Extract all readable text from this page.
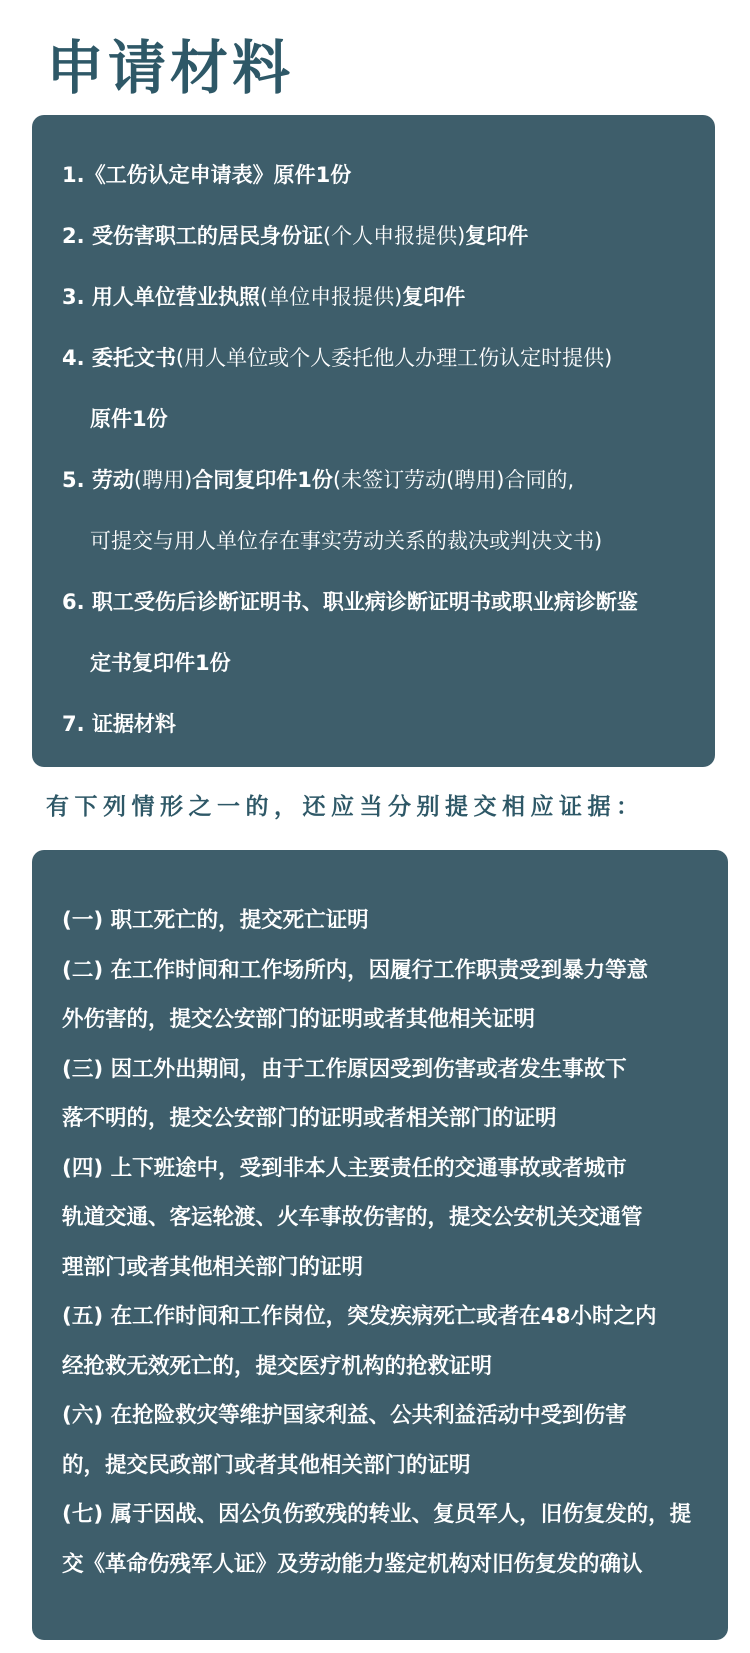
申请材料
1.《工伤认定申请表》原件1份
2. 受伤害职工的居民身份证(个人申报提供)复印件
3. 用人单位营业执照(单位申报提供)复印件
4. 委托文书(用人单位或个人委托他人办理工伤认定时提供)
原件1份
5. 劳动(聘用)合同复印件1份(未签订劳动(聘用)合同的,
可提交与用人单位存在事实劳动关系的裁决或判决文书)
6. 职工受伤后诊断证明书、职业病诊断证明书或职业病诊断鉴
定书复印件1份
7. 证据材料
有下列情形之一的，还应当分别提交相应证据：
(一) 职工死亡的，提交死亡证明
(二) 在工作时间和工作场所内，因履行工作职责受到暴力等意
外伤害的，提交公安部门的证明或者其他相关证明
(三) 因工外出期间，由于工作原因受到伤害或者发生事故下
落不明的，提交公安部门的证明或者相关部门的证明
(四) 上下班途中，受到非本人主要责任的交通事故或者城市
轨道交通、客运轮渡、火车事故伤害的，提交公安机关交通管
理部门或者其他相关部门的证明
(五) 在工作时间和工作岗位，突发疾病死亡或者在48小时之内
经抢救无效死亡的，提交医疗机构的抢救证明
(六) 在抢险救灾等维护国家利益、公共利益活动中受到伤害
的，提交民政部门或者其他相关部门的证明
(七) 属于因战、因公负伤致残的转业、复员军人，旧伤复发的，提
交《革命伤残军人证》及劳动能力鉴定机构对旧伤复发的确认
